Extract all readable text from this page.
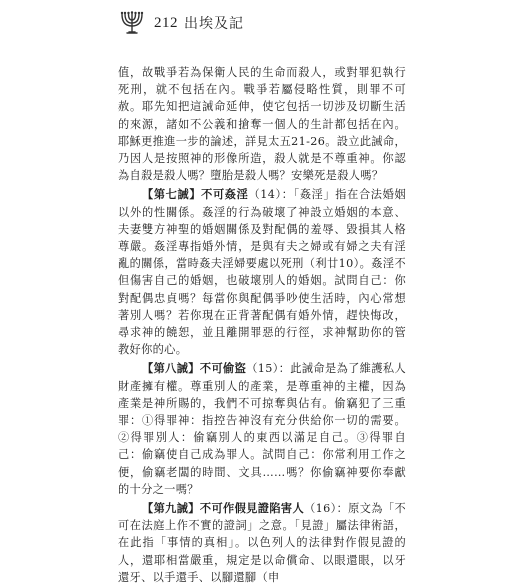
212 出埃及記

值，故戰爭若為保衛人民的生命而殺人，或對罪犯執行死刑，就不包括在內。戰爭若屬侵略性質，則罪不可赦。耶先知把這誡命延伸，使它包括一切涉及切斷生活的來源，諸如不公義和搶奪一個人的生計都包括在內。耶穌更推進一步的論述，詳見太五21-26。設立此誡命，乃因人是按照神的形像所造，殺人就是不尊重神。你認為自殺是殺人嗎？墮胎是殺人嗎？安樂死是殺人嗎？

【第七誡】不可姦淫（14）：「姦淫」指在合法婚姻以外的性關係。姦淫的行為破壞了神設立婚姻的本意、夫妻雙方神聖的婚姻關係及對配偶的羞辱、毀損其人格尊嚴。姦淫專指婚外情，是與有夫之婦或有婦之夫有淫亂的關係，當時姦夫淫婦要處以死刑（利廿10）。姦淫不但傷害自己的婚姻，也破壞別人的婚姻。試問自己：你對配偶忠貞嗎？每當你與配偶爭吵使生活時，內心常想著別人嗎？若你現在正背著配偶有婚外情，趕快悔改，尋求神的饒恕，並且離開罪惡的行徑，求神幫助你的管教好你的心。

【第八誡】不可偷盜（15）：此誡命是為了維護私人財產擁有權。尊重別人的產業，是尊重神的主權，因為產業是神所賜的，我們不可掠奪與佔有。偷竊犯了三重罪：①得罪神：指控告神沒有充分供給你一切的需要。②得罪別人：偷竊別人的東西以滿足自己。③得罪自己：偷竊使自己成為罪人。試問自己：你常利用工作之便，偷竊老闆的時間、文具……嗎？你偷竊神要你奉獻的十分之一嗎？

【第九誡】不可作假見證陷害人（16）：原文為「不可在法庭上作不實的證詞」之意。「見證」屬法律術語，在此指「事情的真相」。以色列人的法律對作假見證的人，還耶相當嚴重，規定是以命償命、以眼還眼，以牙還牙、以手還手、以腳還腳（申
